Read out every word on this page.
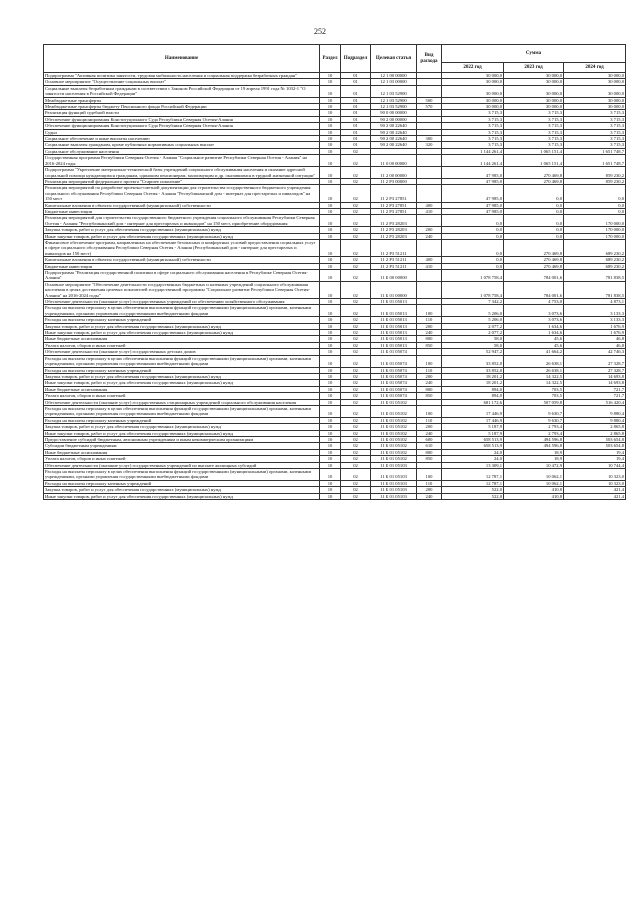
252
Наименование	Раздел	Подраздел	Целевая статья	Вид расхода	Сумма		
					2022 год	2023 год	2024 год
Подпрограмма "Активная политика занятости, трудовая мобильность населения и социальная поддержка безработных граждан"	10	01	12 1 00 00000		30 000,0	30 000,0	30 000,0
Основное мероприятие "Осуществление социальных выплат"	10	01	12 1 03 00000		30 000,0	30 000,0	30 000,0
Социальные выплаты безработным гражданам в соответствии с Законом Российской Федерации от 19 апреля 1991 года № 1032-1 "О занятости населения в Российской Федерации"	10	01	12 1 03 52900		30 000,0	30 000,0	30 000,0
Межбюджетные трансферты	10	01	12 1 03 52900	500	30 000,0	30 000,0	30 000,0
Межбюджетные трансферты бюджету Пенсионного фонда Российской Федерации	10	01	12 1 03 52900	570	30 000,0	30 000,0	30 000,0
Реализация функций судебной власти	10	01	90 0 00 00000		3 715,3	3 715,3	3 715,3
Обеспечение функционирования Конституционного Суда Республики Северная Осетия-Алания	10	01	90 2 00 00000		3 715,3	3 715,3	3 715,3
Обеспечение функционирования Конституционного Суда Республики Северная Осетия-Алания	10	01	90 2 00 22640		3 715,3	3 715,3	3 715,3
Судьи	10	01	90 2 00 22640		3 715,3	3 715,3	3 715,3
Социальное обеспечение и иные выплаты населению	10	01	90 2 00 22640	300	3 715,3	3 715,3	3 715,3
Социальные выплаты гражданам, кроме публичных нормативных социальных выплат	10	01	90 2 00 22640	320	3 715,3	3 715,3	3 715,3
Социальное обслуживание населения	10	02			1 144 261,4	1 065 151,4	1 651 748,7
Государственная программа Республики Северная Осетия - Алания "Социальное развитие Республики Северная Осетия - Алания" на 2016-2024 годы	10	02	11 0 00 00000		1 144 261,4	1 065 151,4	1 651 748,7
Подпрограмма "Укрепление материально-технической базы учреждений социального обслуживания населения и оказание адресной социальной помощи нуждающимся гражданам, одиноким пенсионерам, малоимущим и др. оказавшимся в трудной жизненной ситуации"	10	02	11 2 00 00000		47 985,0	270 469,8	859 230,2
Реализация мероприятий федерального проекта "Старшее поколение"	10	02	11 2 P3 00000		47 985,0	270 469,8	859 230,2
Реализация мероприятий по разработке проектно-сметной документации для строительства государственного бюджетного учреждения социального обслуживания Республики Северная Осетия - Алания "Республиканский дом - интернат для престарелых и инвалидов" на 150 мест	10	02	11 2 P3 27851		47 985,0	0,0	0,0
Капитальные вложения в объекты государственной (муниципальной) собственности	10	02	11 2 P3 27851	400	47 985,0	0,0	0,0
Бюджетные инвестиции	10	02	11 2 P3 27851	410	47 985,0	0,0	0,0
Реализация мероприятий для строительства государственного бюджетного учреждения социального обслуживания Республики Северная Осетия - Алания "Республиканский дом - интернат для престарелых и инвалидов" на 150 мест, приобретение оборудования	10	02	11 2 P3 28203		0,0	0,0	170 000,0
Закупка товаров, работ и услуг для обеспечения государственных (муниципальных) нужд	10	02	11 2 P3 28203	200	0,0	0,0	170 000,0
Иные закупки товаров, работ и услуг для обеспечения государственных (муниципальных) нужд	10	02	11 2 P3 28203	240	0,0	0,0	170 000,0
Финансовое обеспечение программ, направленных на обеспечение безопасных и комфортных условий предоставления социальных услуг в сфере социального обслуживания Республики Северная Осетия - Алания (Республиканский дом - интернат для престарелых и инвалидов на 150 мест)	10	02	11 2 P3 51211		0,0	270 469,8	689 230,2
Капитальные вложения в объекты государственной (муниципальной) собственности	10	02	11 2 P3 51211	400	0,0	270 469,8	689 230,2
Бюджетные инвестиции	10	02	11 2 P3 51211	410	0,0	270 469,8	689 230,2
Подпрограмма "Реализация государственной политики в сфере социального обслуживания населения в Республике Северная Осетия-Алания"	10	02	11 Б 00 00000		1 078 758,4	784 001,6	781 838,5
Основное мероприятие "Обеспечение деятельности государственных бюджетных и казенных учреждений социального обслуживания населения в целях достижения целевых показателей государственной программы "Социальное развитие Республики Северная Осетия-Алания" на 2016-2024 годы"	10	02	11 Б 01 00000		1 078 758,4	784 001,6	781 838,5
Обеспечение деятельности (оказание услуг) государственных учреждений по обеспечению хозяйственного обслуживания	10	02	11 Б 01 05013		7 342,2	4 753,0	4 873,1
Расходы на выплаты персоналу в целях обеспечения выполнения функций государственными (муниципальными) органами, казенными учреждениями, органами управления государственными внебюджетными фондами	10	02	11 Б 01 05013	100	5 206,0	3 073,6	3 133,3
Расходы на выплаты персоналу казенных учреждений	10	02	11 Б 01 05013	110	5 206,0	3 073,6	3 133,3
Закупка товаров, работ и услуг для обеспечения государственных (муниципальных) нужд	10	02	11 Б 01 05013	200	2 077,2	1 634,6	1 676,9
Иные закупки товаров, работ и услуг для обеспечения государственных (муниципальных) нужд	10	02	11 Б 01 05013	240	2 077,2	1 634,6	1 676,9
Иные бюджетные ассигнования	10	02	11 Б 01 05013	800	58,0	45,6	46,8
Уплата налогов, сборов и иных платежей	10	02	11 Б 01 05013	850	58,0	45,6	46,8
Обеспечение деятельности (оказание услуг) государственных детских домов	10	02	11 Б 01 05074		52 947,2	41 664,2	42 746,3
Расходы на выплаты персоналу в целях обеспечения выполнения функций государственными (муниципальными) органами, казенными учреждениями, органами управления государственными внебюджетными фондами	10	02	11 Б 01 05074	100	33 852,0	26 638,1	27 328,7
Расходы на выплаты персоналу казенных учреждений	10	02	11 Б 01 05074	110	33 852,0	26 638,1	27 328,7
Закупка товаров, работ и услуг для обеспечения государственных (муниципальных) нужд	10	02	11 Б 01 05074	200	18 201,2	14 322,5	14 693,8
Иные закупки товаров, работ и услуг для обеспечения государственных (муниципальных) нужд	10	02	11 Б 01 05074	240	18 201,2	14 322,5	14 693,8
Иные бюджетные ассигнования	10	02	11 Б 01 05074	800	894,0	703,5	721,7
Уплата налогов, сборов и иных платежей	10	02	11 Б 01 05074	850	894,0	703,5	721,7
Обеспечение деятельности (оказание услуг) государственных стационарных учреждений социального обслуживания населения	10	02	11 Б 01 05102		681 172,6	507 059,8	516 420,4
Расходы на выплаты персоналу в целях обеспечения выполнения функций государственными (муниципальными) органами, казенными учреждениями, органами управления государственными внебюджетными фондами	10	02	11 Б 01 05102	100	17 446,9	9 630,7	9 880,4
Расходы на выплаты персоналу казенных учреждений	10	02	11 Б 01 05102	110	17 446,9	9 630,7	9 880,4
Закупка товаров, работ и услуг для обеспечения государственных (муниципальных) нужд	10	02	11 Б 01 05102	200	5 187,9	2 793,4	2 865,8
Иные закупки товаров, работ и услуг для обеспечения государственных (муниципальных) нужд	10	02	11 Б 01 05102	240	5 187,9	2 793,4	2 865,8
Предоставление субсидий бюджетным, автономным учреждениям и иным некоммерческим организациям	10	02	11 Б 01 05102	600	658 513,9	494 596,8	503 654,8
Субсидии бюджетным учреждениям	10	02	11 Б 01 05102	610	658 513,9	494 596,8	503 654,8
Иные бюджетные ассигнования	10	02	11 Б 01 05102	800	24,0	18,9	19,4
Уплата налогов, сборов и иных платежей	10	02	11 Б 01 05102	850	24,0	18,9	19,4
Обеспечение деятельности (оказание услуг) государственных учреждений по выплате жилищных субсидий	10	02	11 Б 01 05103		13 309,1	10 472,9	10 744,4
Расходы на выплаты персоналу в целях обеспечения выполнения функций государственными (муниципальными) органами, казенными учреждениями, органами управления государственными внебюджетными фондами	10	02	11 Б 01 05103	100	12 787,1	10 062,1	10 323,0
Расходы на выплаты персоналу казенных учреждений	10	02	11 Б 01 05103	110	12 787,1	10 062,1	10 323,0
Закупка товаров, работ и услуг для обеспечения государственных (муниципальных) нужд	10	02	11 Б 01 05103	200	522,0	410,8	421,4
Иные закупки товаров, работ и услуг для обеспечения государственных (муниципальных) нужд	10	02	11 Б 01 05103	240	522,0	410,8	421,4
